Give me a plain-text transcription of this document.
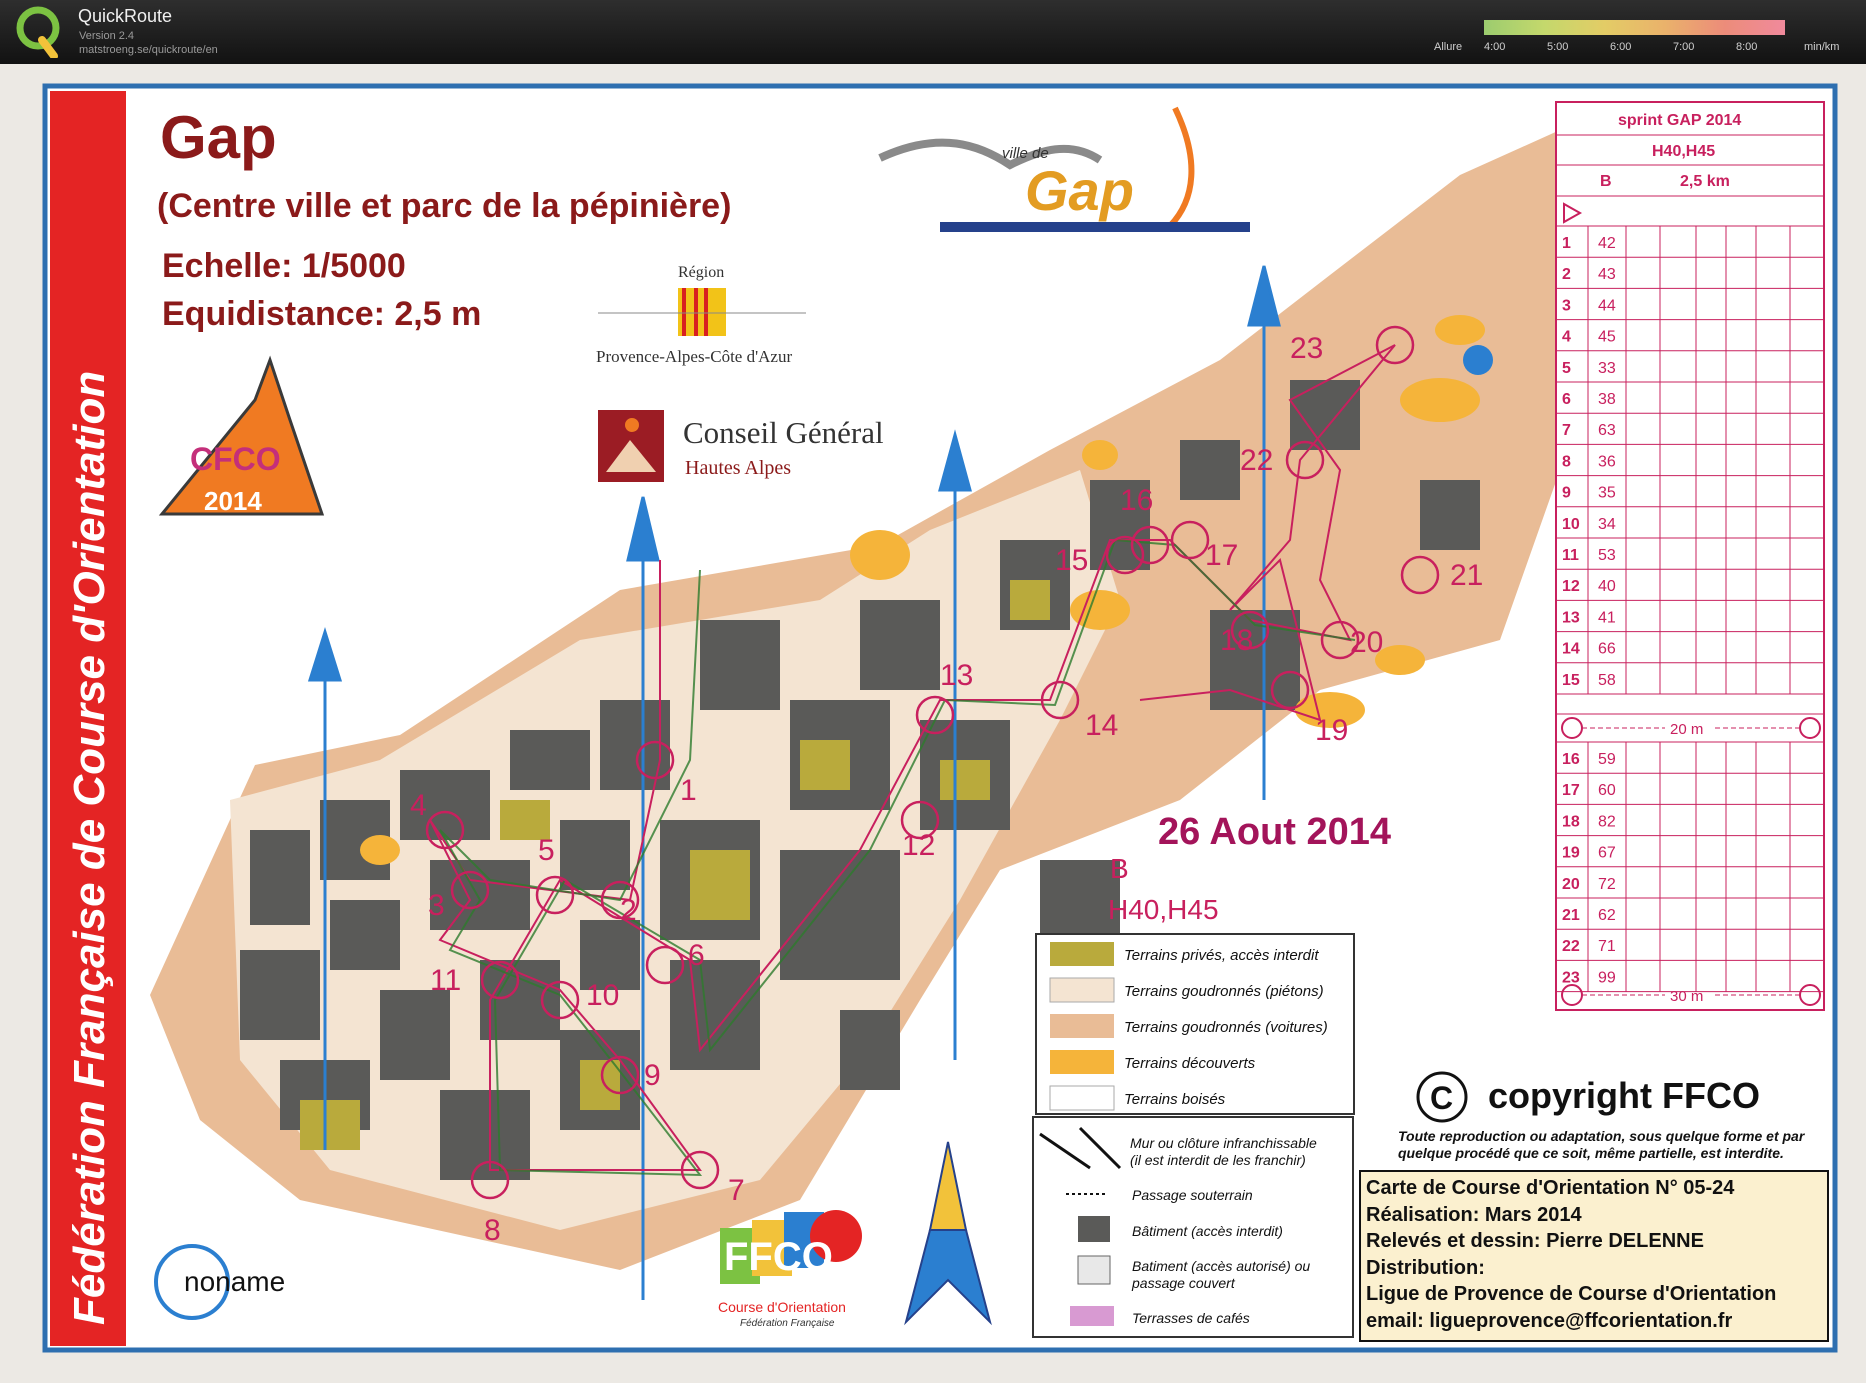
QuickRoute
Version 2.4
matstroeng.se/quickroute/en	Allure 4:00	5:00	6:00	7:00	8:00	min/km
Fédération Française de Course d'Orientation	1
2
3
4
5
6
7
8
9
10
11
12
13
14
15
16
17
18
19
20
21
22
23
Gap
(Centre ville et parc de la pépinière)
Echelle: 1/5000
Equidistance: 2,5 m
CFCO
2014
Région
Provence-Alpes-Côte d'Azur
Conseil Général
Hautes Alpes
ville de
Gap
26 Aout 2014
B
H40,H45
Terrains privés, accès interdit
Terrains goudronnés (piétons)
Terrains goudronnés (voitures)
Terrains découverts
Terrains boisés
Mur ou clôture infranchissable
(il est interdit de les franchir)
Passage souterrain
Bâtiment (accès interdit)
Batiment (accès autorisé) ou
passage couvert
Terrasses de cafés
C copyright FFCO
Toute reproduction ou adaptation, sous quelque forme et par
quelque procédé que ce soit, même partielle, est interdite.
Carte de Course d'Orientation N° 05-24
Réalisation: Mars 2014
Relevés et dessin: Pierre DELENNE
Distribution:
Ligue de Provence de Course d'Orientation
email: ligueprovence@ffcorientation.fr
FFCO
Course d'Orientation
Fédération Française
noname
sprint GAP 2014
H40,H45
B	2,5 km
1 42
2 43
3 44
4 45
5 33
6 38
7 63
8 36
9 35
10 34
11 53
12 40
13 41
14 66
15 58
20 m
16 59
17 60
18 82
19 67
20 72
21 62
22 71
23 99
30 m
